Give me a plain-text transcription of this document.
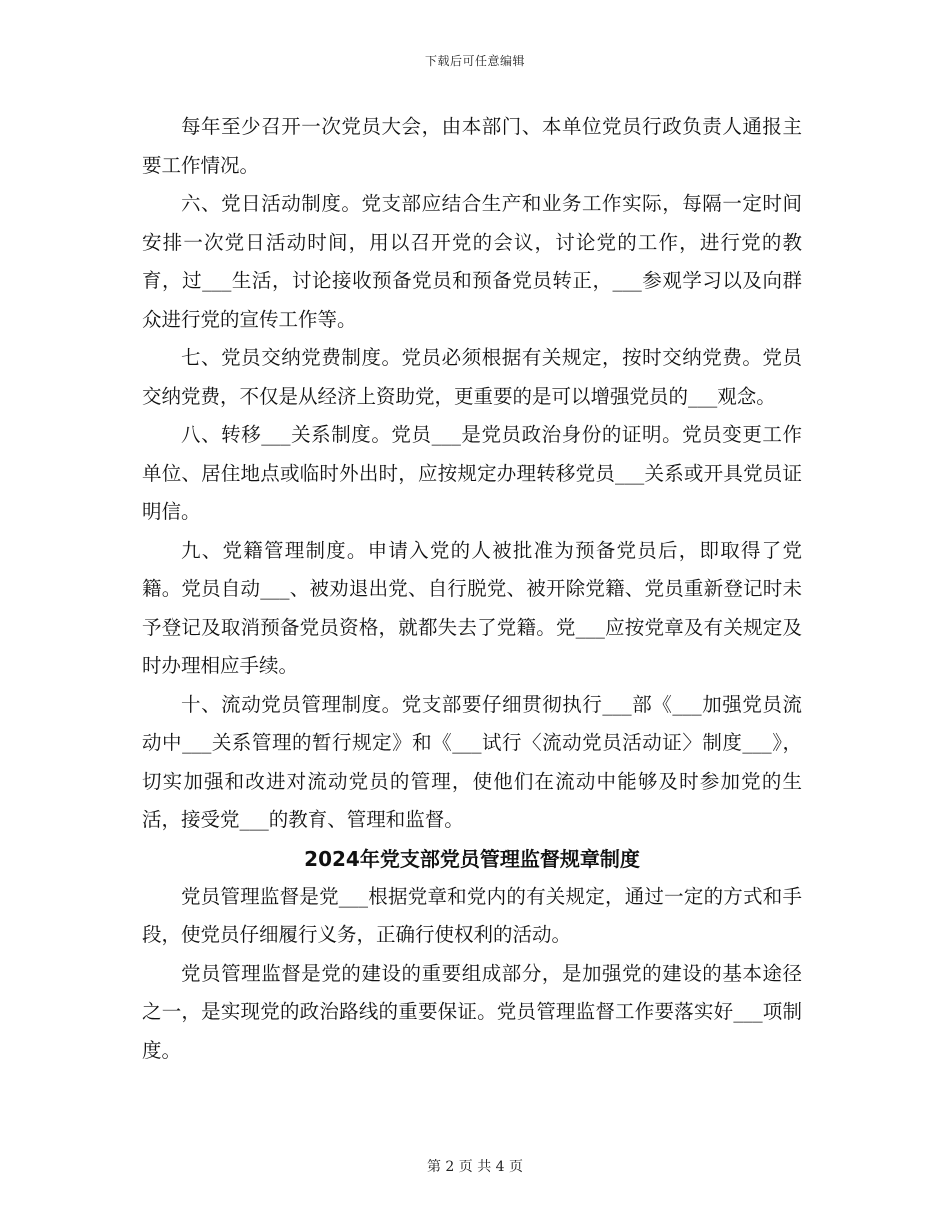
下载后可任意编辑

每年至少召开一次党员大会，由本部门、本单位党员行政负责人通报主要工作情况。

六、党日活动制度。党支部应结合生产和业务工作实际，每隔一定时间安排一次党日活动时间，用以召开党的会议，讨论党的工作，进行党的教育，过___生活，讨论接收预备党员和预备党员转正，___参观学习以及向群众进行党的宣传工作等。

七、党员交纳党费制度。党员必须根据有关规定，按时交纳党费。党员交纳党费，不仅是从经济上资助党，更重要的是可以增强党员的___观念。

八、转移___关系制度。党员___是党员政治身份的证明。党员变更工作单位、居住地点或临时外出时，应按规定办理转移党员___关系或开具党员证明信。

九、党籍管理制度。申请入党的人被批准为预备党员后，即取得了党籍。党员自动___、被劝退出党、自行脱党、被开除党籍、党员重新登记时未予登记及取消预备党员资格，就都失去了党籍。党___应按党章及有关规定及时办理相应手续。

十、流动党员管理制度。党支部要仔细贯彻执行___部《___加强党员流动中___关系管理的暂行规定》和《___试行〈流动党员活动证〉制度___》，切实加强和改进对流动党员的管理，使他们在流动中能够及时参加党的生活，接受党___的教育、管理和监督。

2024年党支部党员管理监督规章制度

党员管理监督是党___根据党章和党内的有关规定，通过一定的方式和手段，使党员仔细履行义务，正确行使权利的活动。

党员管理监督是党的建设的重要组成部分，是加强党的建设的基本途径之一，是实现党的政治路线的重要保证。党员管理监督工作要落实好___项制度。

第 2 页 共 4 页
